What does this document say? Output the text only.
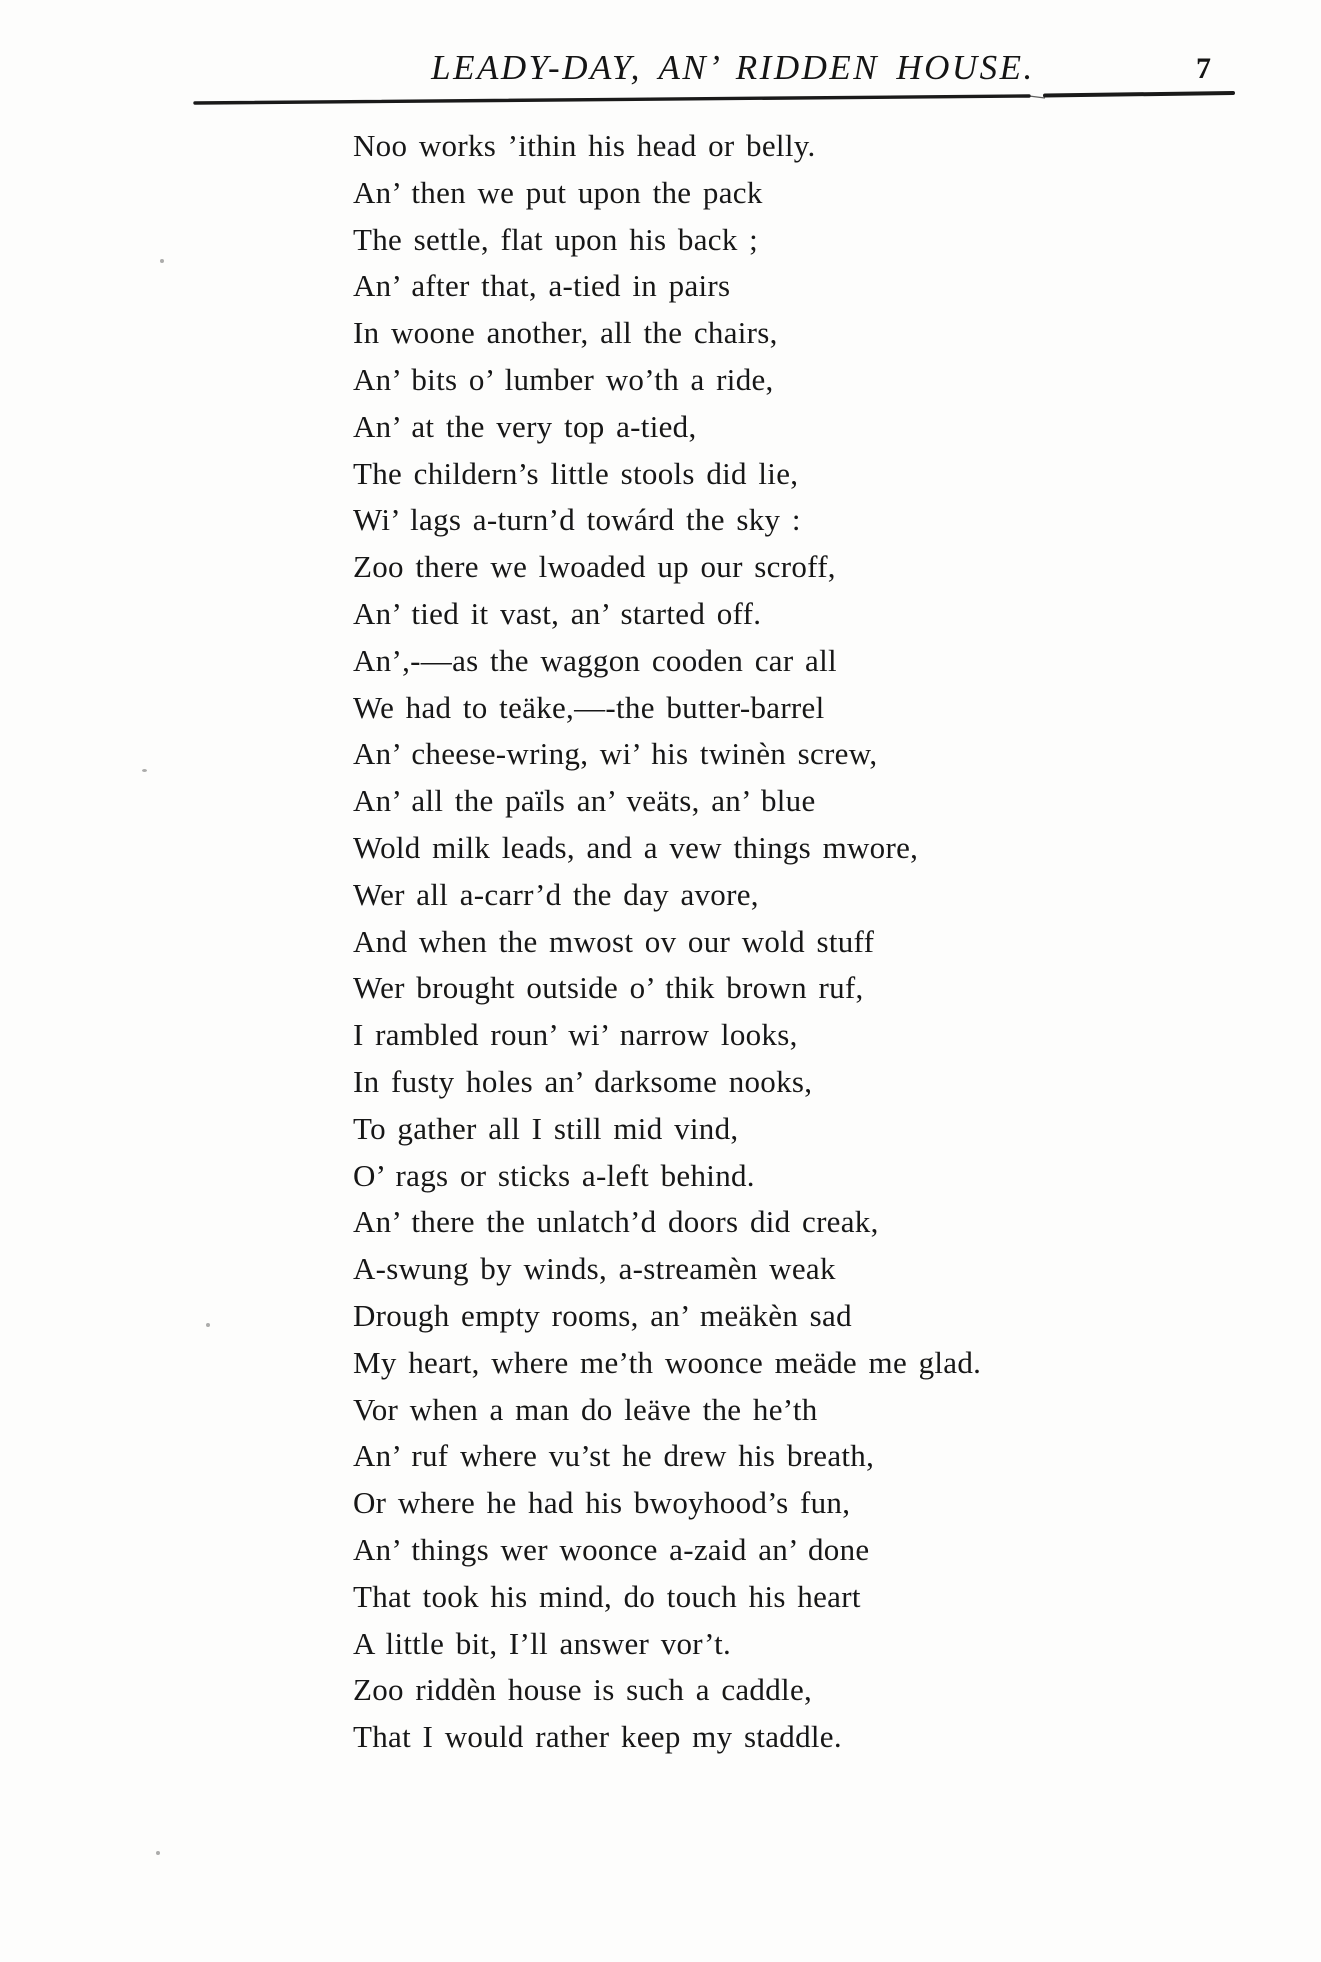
LEADY-DAY, AN’ RIDDEN HOUSE.	7
Noo works ’ithin his head or belly.
An’ then we put upon the pack
The settle, flat upon his back ;
An’ after that, a-tied in pairs
In woone another, all the chairs,
An’ bits o’ lumber wo’th a ride,
An’ at the very top a-tied,
The childern’s little stools did lie,
Wi’ lags a-turn’d towárd the sky :
Zoo there we lwoaded up our scroff,
An’ tied it vast, an’ started off.
An’,-—as the waggon cooden car all
We had to teäke,—-the butter-barrel
An’ cheese-wring, wi’ his twinèn screw,
An’ all the païls an’ veäts, an’ blue
Wold milk leads, and a vew things mwore,
Wer all a-carr’d the day avore,
And when the mwost ov our wold stuff
Wer brought outside o’ thik brown ruf,
I rambled roun’ wi’ narrow looks,
In fusty holes an’ darksome nooks,
To gather all I still mid vind,
O’ rags or sticks a-left behind.
An’ there the unlatch’d doors did creak,
A-swung by winds, a-streamèn weak
Drough empty rooms, an’ meäkèn sad
My heart, where me’th woonce meäde me glad.
Vor when a man do leäve the he’th
An’ ruf where vu’st he drew his breath,
Or where he had his bwoyhood’s fun,
An’ things wer woonce a-zaid an’ done
That took his mind, do touch his heart
A little bit, I’ll answer vor’t.
Zoo riddèn house is such a caddle,
That I would rather keep my staddle.
